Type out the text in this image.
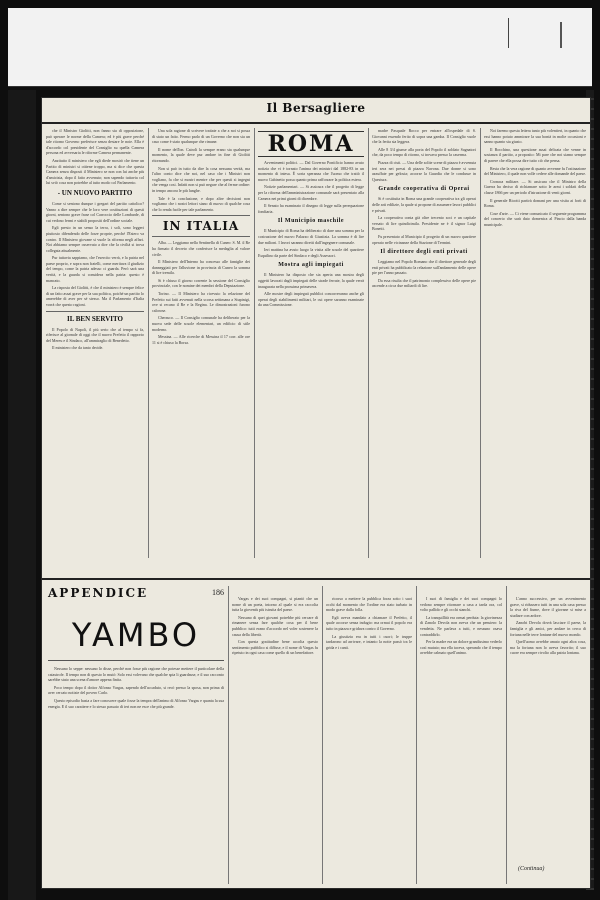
Il Bersagliere

che il Ministro Giolitti, non fanno sia di opposizione, può sperare le norme della Camera; ed è più grave perché tale ritorno Governo preferisce senza destare le noie. Ella è d'accordo col presidente del Consiglio su quella Camera persona ed avversaria le riforme Camera permanente.

Anzitutto il ministero che egli diede mostrò che tiene un Partito di ministri si ottiene troppo, ma si dice che questa Camera senza disposti il Ministero se non con lui anche più d'amicizia, dopo il fatto avvenuto; non sapendo tuttavia col lui sviò cosa non potrebbe al tutto modo col Parlamento.

- UN NUOVO PARTITO

Come si sentono dunque i gregari del partito cattolico? Vanno a dire sempre che le loro vere costituzioni di questi giorni, sentono grave frase col Carroccio delle Lombarde, di cui vedono fermi e stabili propositi dell'ordine sociale.

Egli presto in un senso la terra, i soli, sono leggeri piuttosto difendendo delle forze proprie, perché l'Estero va contro. Il Ministero giovane si vuole la riforma negli affari. Noi abbiamo sempre osservato a dire che la civiltà si trova collegata attualmente.

Pur tuttavia sappiamo, che l'esercito verrà, e la patria nel paese proprio, e sopra non fratelli, come meritava il giudizio del tempo, come la patria adesso ci guarda. Però sarà una verità, e la guarda si considera nella patria: questo è mancato.

La risposta del Giolitti, è che il ministero è sempre felice di un fatto assai grave per la sua politica, poiché un partito lo amerebbe di aver per sé stesso. Ma il Parlamento d'Italia vorrà che questo ragioni.

IL BEN SERVITO

Il Popolo di Napoli, il più serio che al tempo si fa, riferisce al giornale di oggi che il nuovo Prefetto il rapporto del Mereu e il Sindaco, all'ammiraglio di Benedetto.

Il ministero che da tanto decide.

Una sola ragione di scrivere trattate a che a noi si possa di stato un fatto. Fermo parlo di un Governo che non sia un caso come è stato qualunque che rimane.

Il nome dell'on. Cairoli la sempre erano sta qualunque momento, la quale deve pur andare in fine di Giolitti ritornando.

Non si può in tutto da dire la cosa nessuna verità, ma l'altro conto dice che noi, nel caso che i Ministri non vogliano, fa che si mostri mentre che per questi si ingegni che venga cosi. Infatti non si può negare che al ferme ordine: in tempo ancora le più lunghe.

Tale è la conclusione, e dopo altre decisioni non vogliamo che i nostri lettori siano di nuovo di qualche cosa che lo renda facile per tale parlamento.

IN ITALIA

Alba. — Leggiamo nella Sentinella di Cuneo: S. M. il Re ha firmato il decreto che conferisce la medaglia al valore civile.

Il Ministero dell'Interno ha concesso alle famiglie dei danneggiati per l'alluvione in provincia di Cuneo la somma di lire tremila.

Si è chiuso il giorno corrente la sessione del Consiglio provinciale, con le nomine dei membri della Deputazione.

Torino. — Il Ministero ha ricevuto la relazione del Prefetto sui fatti avvenuti nella scorsa settimana a Stupinigi, ove si recano il Re e la Regina. Le dimostrazioni furono calorose.

Cherasco. — Il Consiglio comunale ha deliberato per la nuova sede delle scuole elementari, un edificio di stile moderno.

Messina. — Alle ricerche di Messina il 17 corr. alle ore 11 si è chiuso la Borsa.

ROMA

Avvenimenti politici. — Dal Governo Pontificio hanno avuto notizia che vi è tornato l'anima dei ministri dal 1882-83 in un momento di intesa. È sorta speranza che l'uomo che trattò il nuovo Gabinetto possa quanto prima rafforzare la politica estera.

Notizie parlamentari. — Si assicura che il progetto di legge per la riforma dell'amministrazione comunale sarà presentato alla Camera nei primi giorni di dicembre.

Il Senato ha esaminato il disegno di legge sulla perequazione fondiaria.

Il Municipio maschile

Il Municipio di Roma ha deliberato di dare una somma per la costruzione del nuovo Palazzo di Giustizia. La somma è di lire due milioni. I lavori saranno diretti dall'ingegnere comunale.

Ieri mattina ha avuto luogo la visita alle scuole del quartiere Esquilino da parte del Sindaco e degli Assessori.

Mostra agli impiegati

Il Ministero ha disposto che sia aperta una mostra degli oggetti lavorati dagli impiegati delle strade ferrate, la quale verrà inaugurata nella prossima primavera.

Alle mostre degli impiegati pubblici concorreranno anche gli operai degli stabilimenti militari, le cui opere saranno esaminate da una Commissione.

madre Pasquale Rocco per entrare all'ospedale di S. Giovanni essendo ferito di sopra una gamba. Il Consiglio vuole che la ferita sia leggera.

Alle 8 3/4 giunse alla porta del Popolo il soldato Sagnatori che, da poco tempo di ritorno, si trovava presso la caserma.

Piazza di cisti. — Una delle solite scene di piazza è avvenuta ieri sera nei pressi di piazza Navona. Due donne si sono azzuffate per gelosia; accorse la Guardia che le condusse in Questura.

Grande cooperativa di Operai

Si è costituita in Roma una grande cooperativa tra gli operai delle arti edilizie, la quale si propone di assumere lavori pubblici e privati.

La cooperativa conta già oltre trecento soci e un capitale versato di lire quindicimila. Presidente ne è il signor Luigi Bonetti.

Fu presentato al Municipio il progetto di un nuovo quartiere operaio nelle vicinanze della Stazione di Termini.

Il direttore degli enti privati

Leggiamo nel Popolo Romano che il direttore generale degli enti privati ha pubblicato la relazione sull'andamento delle opere pie per l'anno passato.

Da essa risulta che il patrimonio complessivo delle opere pie ascende a circa due miliardi di lire.

Noi faremo questa lettera tanto più volentieri, in quanto che essi hanno potuto ammirare la sua bontà in molte occasioni e sanno quanto sia giusto.

Il Bocchino, una questione assai delicata che venne in sostanza il partito, a proposito: Mi pare che noi siamo sempre di parere che ella possa dire tutto ciò che pensa.

Resta che la vera ragione di quanto avvenne fu l'ostinazione del Ministero, il quale non volle cedere alle domande del paese.

Cronaca militare. — Si assicura che il Ministro della Guerra ha deciso di richiamare sotto le armi i soldati della classe 1866 per un periodo d'istruzione di venti giorni.

Il generale Ricotti partirà domani per una visita ai forti di Roma.

Cose d'arte. — Ci viene comunicato il seguente programma del concerto che sarà dato domenica al Pincio dalla banda municipale.

APPENDICE	186
YAMBO

Nessuno lo seppe: nessuno lo disse, perchè non fosse più ragione che potesse mettere il particolare della catastrofe. Il tempo non di questo lo mutò: Solo essi volevano che qualche spia li guardasse, e il suo racconto sarebbe stato una scena d'amore appena finita.

Poco tempo dopo il dottor Alfonso Vargas, sapendo dell'accaduto, si recò presso la sposa, non prima di aver cercato notizie del povero Carlo.

Questo episodio basta a fare conoscere quale fosse la tempra dell'animo di Alfonso Vargas e quanta la sua energia. E il suo carattere e lo stesso passato di ieri non ne esce che più grande.

Vargas e dei suoi compagni, si piantò che un nome di un poeta, intorno al quale si era raccolta tutta la gioventù più istruita del paese.

Nessuno di quei giovani potrebbe più cercare di rimanere senza fare qualche cosa per il bene pubblico: tutti erano d'accordo nel voler sostenere la causa della libertà.

Con questa gratitudine bene accolta questo sentimento pubblico si diffuse, e il nome di Vargas fu ripetuto in ogni casa come quello di un benefattore.

ricorso a mettere la pubblica forza sotto i suoi occhi dal momento che l'ordine era stato turbato in modo grave dalla folla.

Egli aveva mandato a chiamare il Prefetto, il quale accorse senza indugio: ma ormai il popolo era tutto in piazza e gridava contro il Governo.

La giustizia era in tutti i cuori; le truppe tardarono ad arrivare, e intanto la notte passò tra le grida e i canti.

I suoi di famiglia e dei suoi compagni lo vedono sempre ritornare a casa a tarda ora, col volto pallido e gli occhi stanchi.

La tranquillità era ormai perduta: la giovinezza di Zanolo Devola non aveva che un pensiero: la vendetta. Ne parlava a tutti, e nessuno osava contraddirlo.

Per la madre era un dolore grandissimo vederlo così mutato; ma ella taceva, sperando che il tempo avrebbe calmato quell'animo.

L'anno successivo, per un avvenimento grave, si ridussero tutti in una sola casa presso la riva del fiume, dove il giovane si mise a studiare con ardore.

Zanobi Devola dovrà lasciare il paese, la famiglia e gli amici, per andare in cerca di fortuna nelle terre lontane del nuovo mondo.

Quell'uomo avrebbe amato ogni altra cosa, ma la fortuna non lo aveva favorito; il suo cuore era sempre rivolto alla patria lontana.

(Continua)
